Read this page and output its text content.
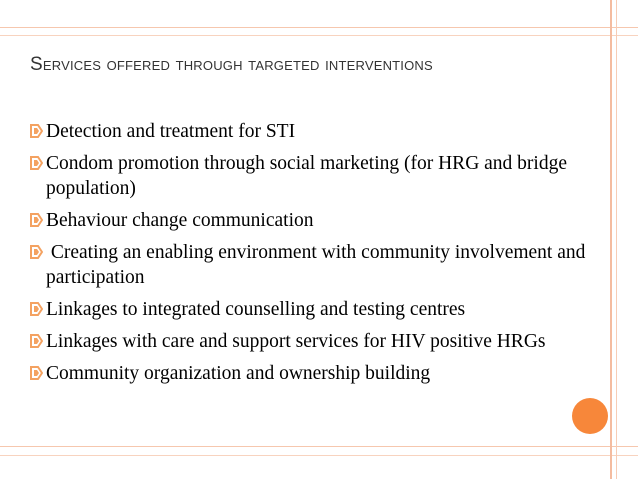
Services offered through targeted interventions
Detection and treatment for STI
Condom promotion through social marketing (for HRG and bridge population)
Behaviour change communication
Creating an enabling environment with community involvement and participation
Linkages to integrated counselling and testing centres
Linkages with care and support services for HIV positive HRGs
Community organization and ownership building
